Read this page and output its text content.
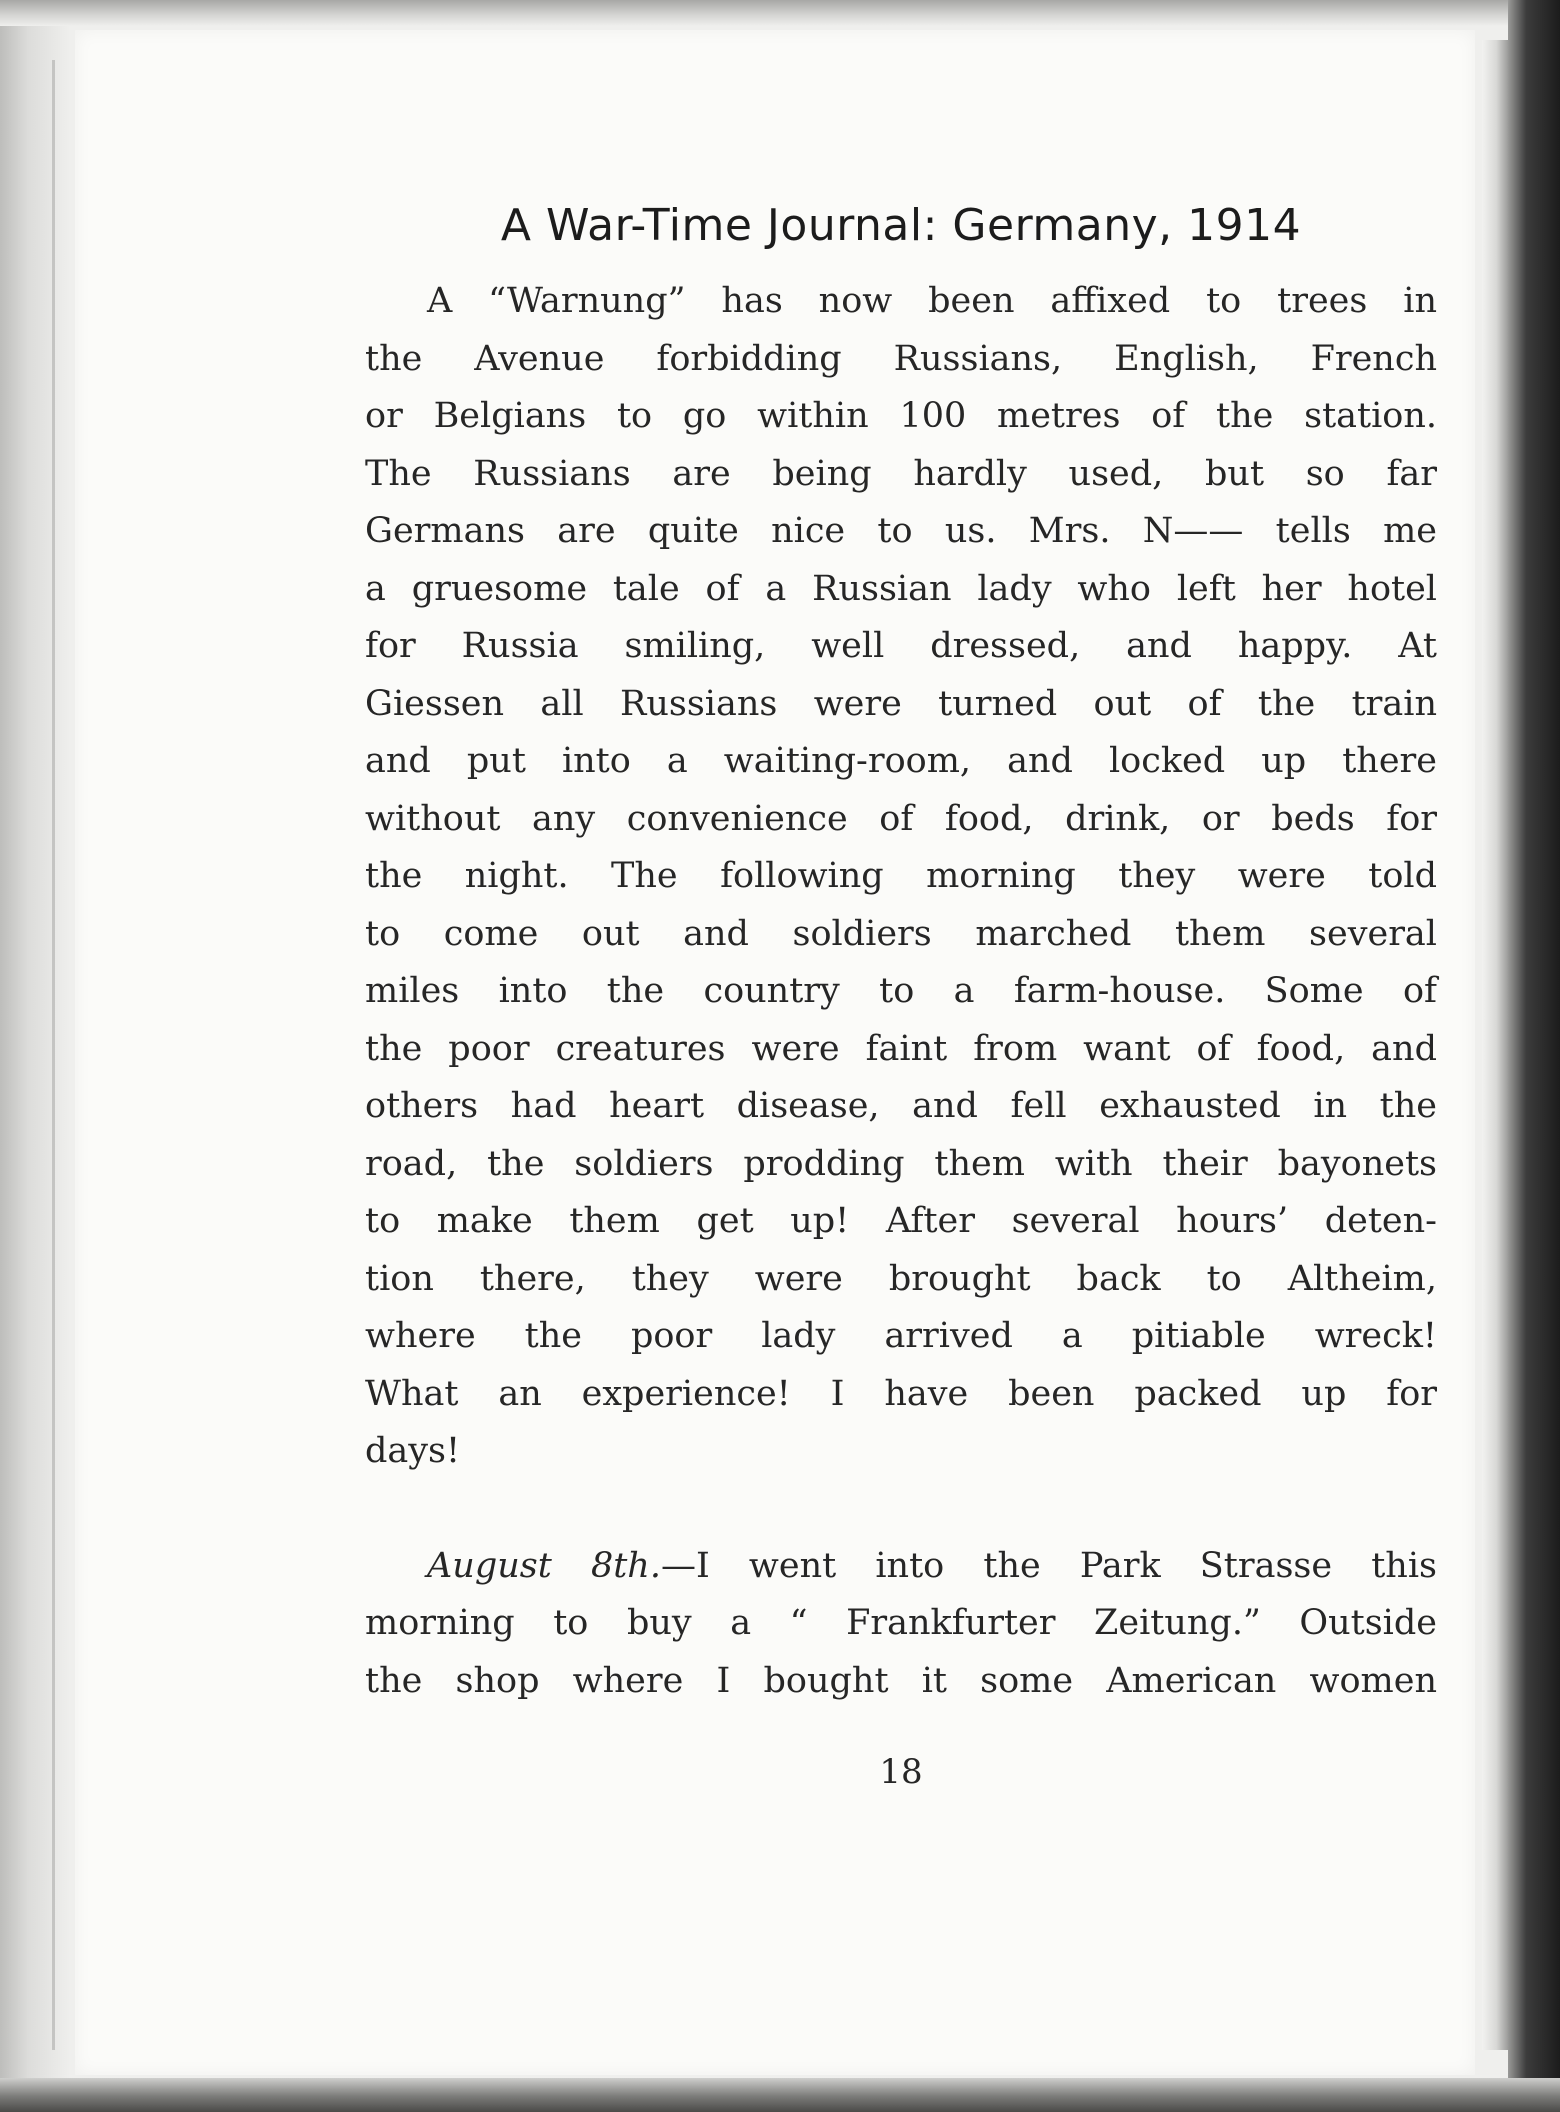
A War-Time Journal: Germany, 1914
A “Warnung” has now been affixed to trees in
the Avenue forbidding Russians, English, French
or Belgians to go within 100 metres of the station.
The Russians are being hardly used, but so far
Germans are quite nice to us. Mrs. N—— tells me
a gruesome tale of a Russian lady who left her hotel
for Russia smiling, well dressed, and happy. At
Giessen all Russians were turned out of the train
and put into a waiting-room, and locked up there
without any convenience of food, drink, or beds for
the night. The following morning they were told
to come out and soldiers marched them several
miles into the country to a farm-house. Some of
the poor creatures were faint from want of food, and
others had heart disease, and fell exhausted in the
road, the soldiers prodding them with their bayonets
to make them get up! After several hours’ deten-
tion there, they were brought back to Altheim,
where the poor lady arrived a pitiable wreck!
What an experience! I have been packed up for
days!
August 8th.—I went into the Park Strasse this
morning to buy a “ Frankfurter Zeitung.” Outside
the shop where I bought it some American women
18
